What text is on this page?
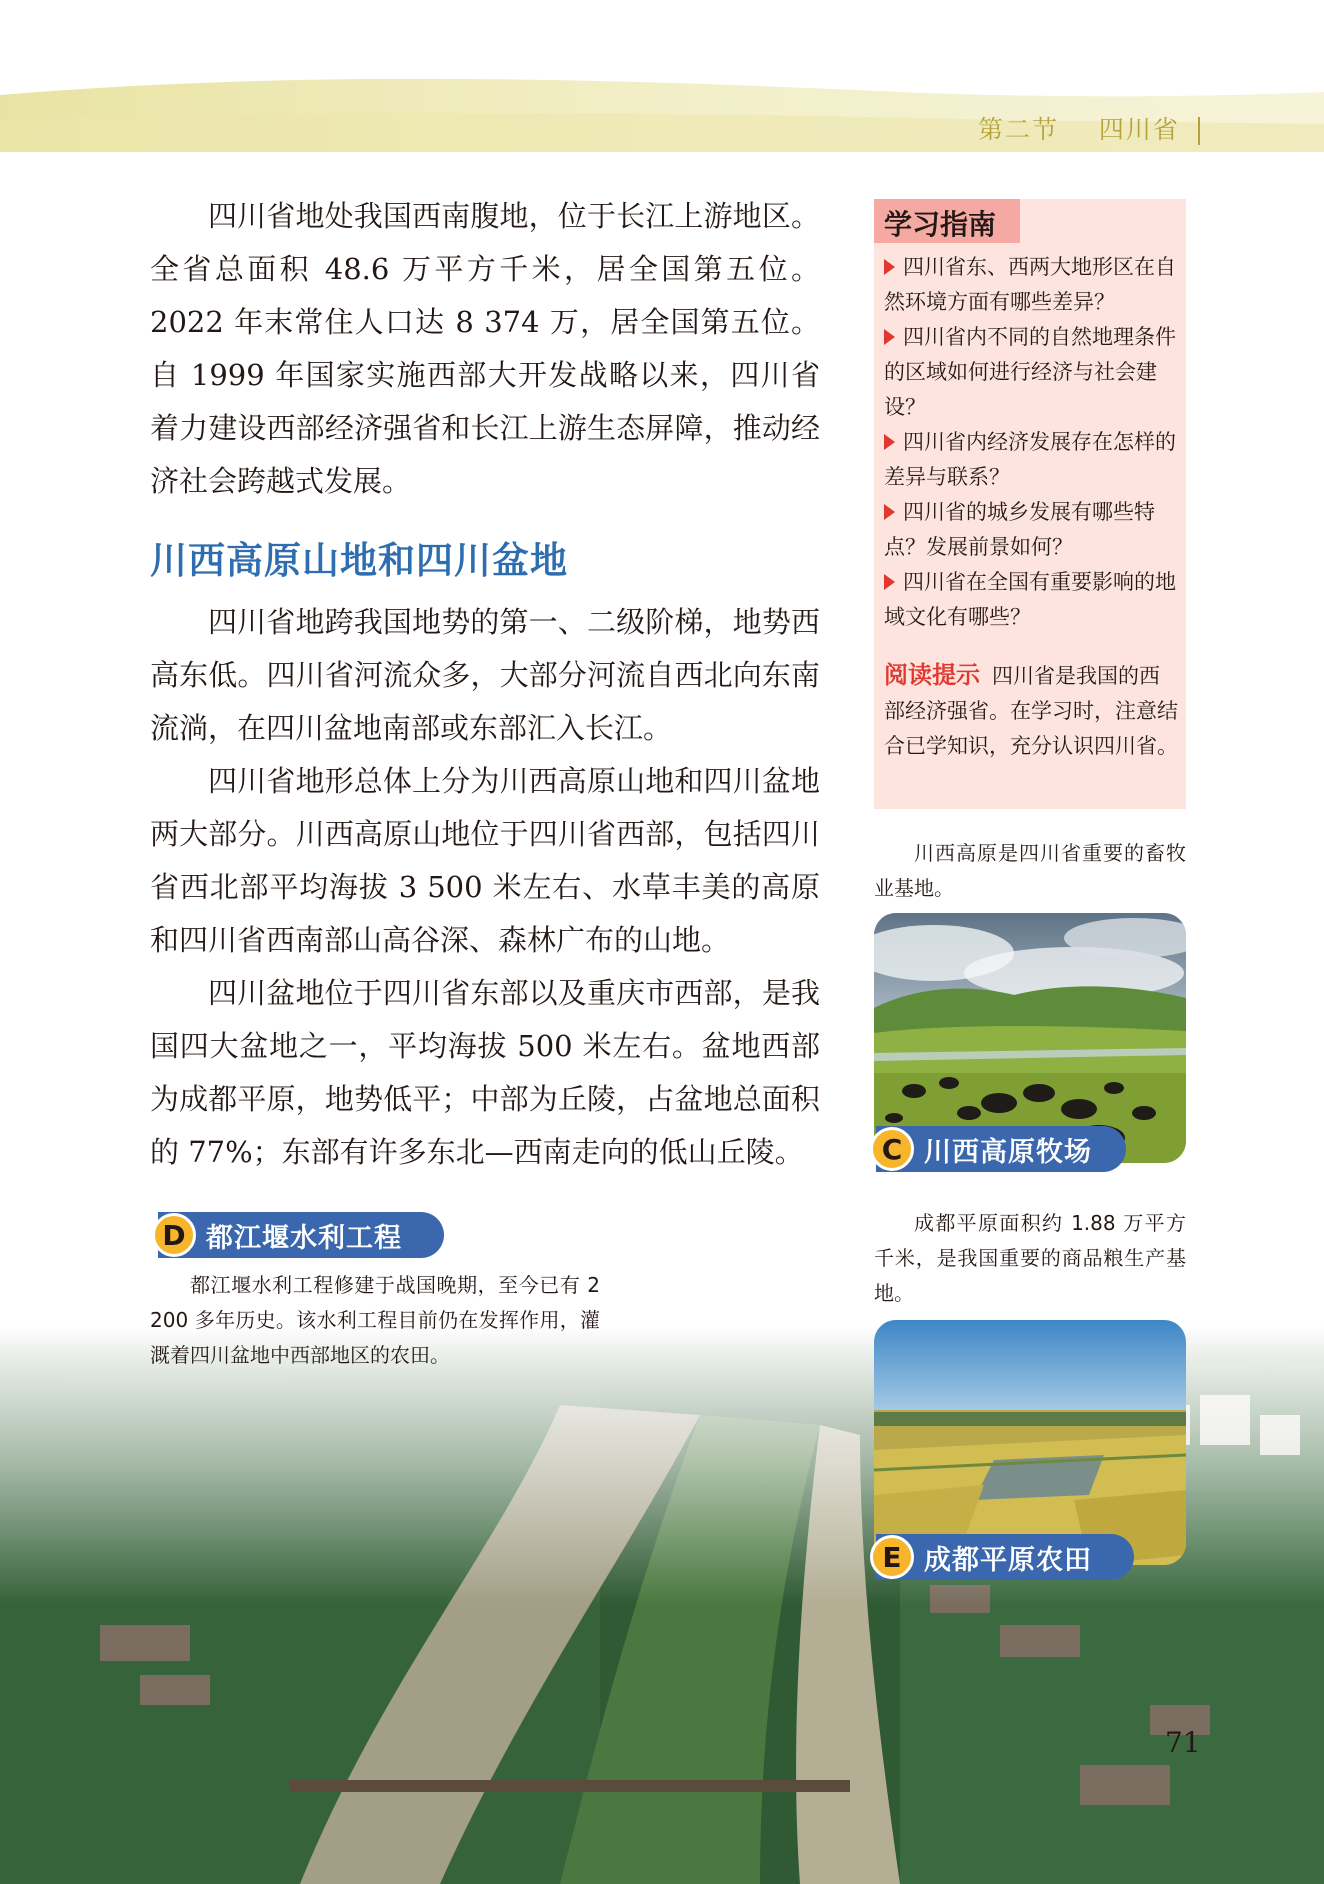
第二节 四川省

四川省地处我国西南腹地，位于长江上游地区。全省总面积 48.6 万平方千米，居全国第五位。2022 年末常住人口达 8 374 万，居全国第五位。自 1999 年国家实施西部大开发战略以来，四川省着力建设西部经济强省和长江上游生态屏障，推动经济社会跨越式发展。

川西高原山地和四川盆地

四川省地跨我国地势的第一、二级阶梯，地势西高东低。四川省河流众多，大部分河流自西北向东南流淌，在四川盆地南部或东部汇入长江。

四川省地形总体上分为川西高原山地和四川盆地两大部分。川西高原山地位于四川省西部，包括四川省西北部平均海拔 3 500 米左右、水草丰美的高原和四川省西南部山高谷深、森林广布的山地。

四川盆地位于四川省东部以及重庆市西部，是我国四大盆地之一，平均海拔 500 米左右。盆地西部为成都平原，地势低平；中部为丘陵，占盆地总面积的 77%；东部有许多东北—西南走向的低山丘陵。

学习指南
四川省东、西两大地形区在自然环境方面有哪些差异？
四川省内不同的自然地理条件的区域如何进行经济与社会建设？
四川省内经济发展存在怎样的差异与联系？
四川省的城乡发展有哪些特点？发展前景如何？
四川省在全国有重要影响的地域文化有哪些？
阅读提示 四川省是我国的西部经济强省。在学习时，注意结合已学知识，充分认识四川省。

川西高原是四川省重要的畜牧业基地。

C 川西高原牧场

成都平原面积约 1.88 万平方千米，是我国重要的商品粮生产基地。

E 成都平原农田
D 都江堰水利工程

都江堰水利工程修建于战国晚期，至今已有 2 200 多年历史。该水利工程目前仍在发挥作用，灌溉着四川盆地中西部地区的农田。

71
